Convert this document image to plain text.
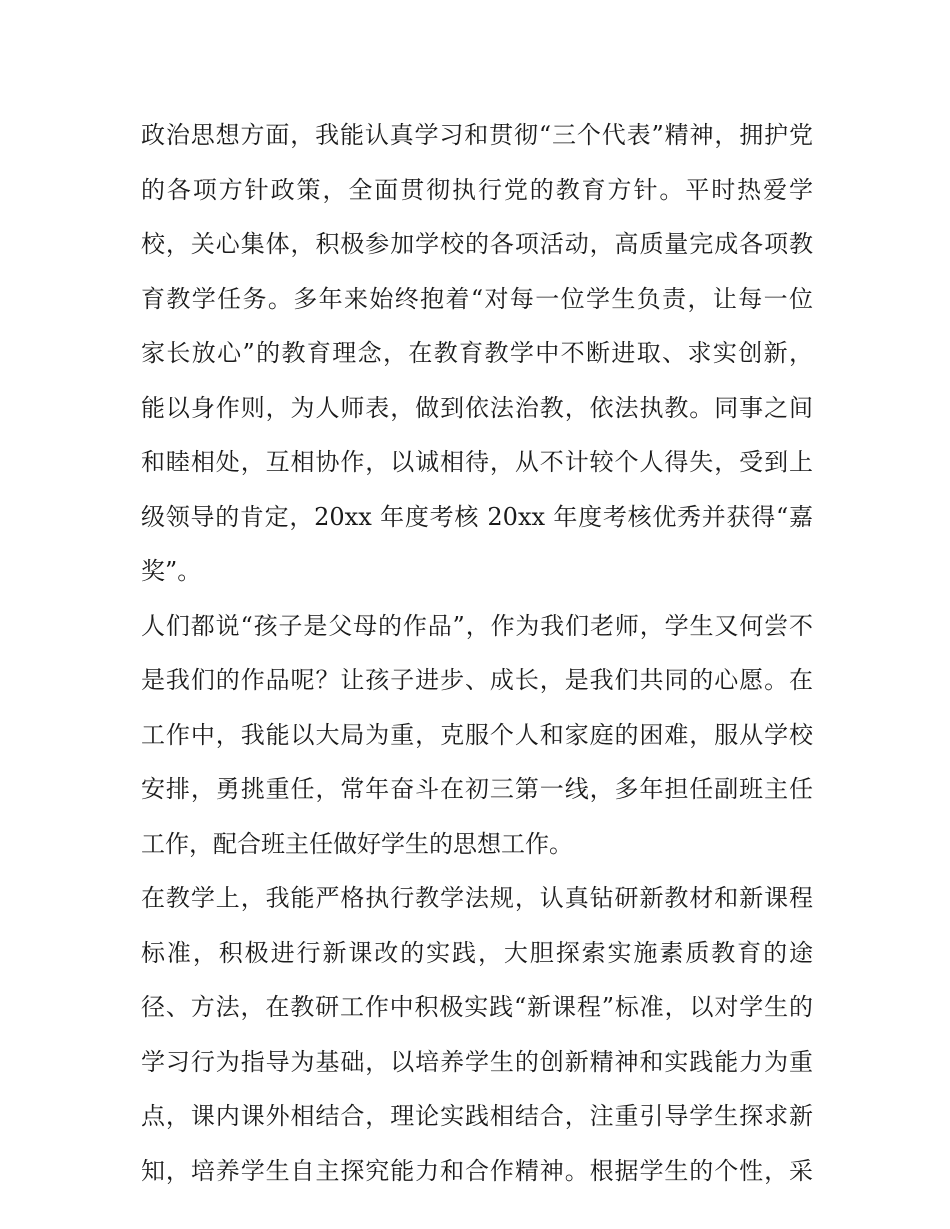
政治思想方面，我能认真学习和贯彻“三个代表”精神，拥护党
的各项方针政策，全面贯彻执行党的教育方针。平时热爱学
校，关心集体，积极参加学校的各项活动，高质量完成各项教
育教学任务。多年来始终抱着“对每一位学生负责，让每一位
家长放心”的教育理念，在教育教学中不断进取、求实创新，
能以身作则，为人师表，做到依法治教，依法执教。同事之间
和睦相处，互相协作，以诚相待，从不计较个人得失，受到上
级领导的肯定，20xx 年度考核 20xx 年度考核优秀并获得“嘉
奖”。
人们都说“孩子是父母的作品”，作为我们老师，学生又何尝不
是我们的作品呢？让孩子进步、成长，是我们共同的心愿。在
工作中，我能以大局为重，克服个人和家庭的困难，服从学校
安排，勇挑重任，常年奋斗在初三第一线，多年担任副班主任
工作，配合班主任做好学生的思想工作。
在教学上，我能严格执行教学法规，认真钻研新教材和新课程
标准，积极进行新课改的实践，大胆探索实施素质教育的途
径、方法，在教研工作中积极实践“新课程”标准，以对学生的
学习行为指导为基础，以培养学生的创新精神和实践能力为重
点，课内课外相结合，理论实践相结合，注重引导学生探求新
知，培养学生自主探究能力和合作精神。根据学生的个性，采
